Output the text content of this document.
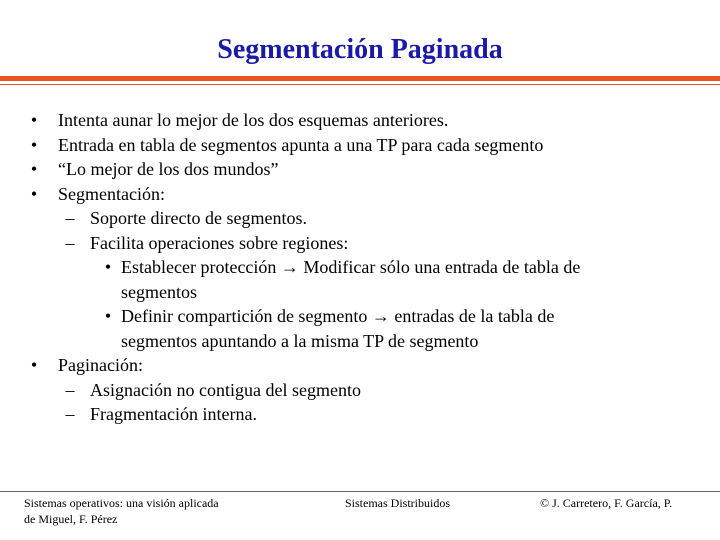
Segmentación Paginada
•	Intenta aunar lo mejor de los dos esquemas anteriores.
•	Entrada en tabla de segmentos apunta a una TP para cada segmento
•	“Lo mejor de los dos mundos”
•	Segmentación:
– Soporte directo de segmentos.
– Facilita operaciones sobre regiones:
• Establecer protección → Modificar sólo una entrada de tabla de
segmentos
• Definir compartición de segmento → entradas de la tabla de
segmentos apuntando a la misma TP de segmento
•	Paginación:
– Asignación no contigua del segmento
– Fragmentación interna.
Sistemas operativos: una visión aplicada
de Miguel, F. Pérez
Sistemas Distribuidos	© J. Carretero, F. García, P.
